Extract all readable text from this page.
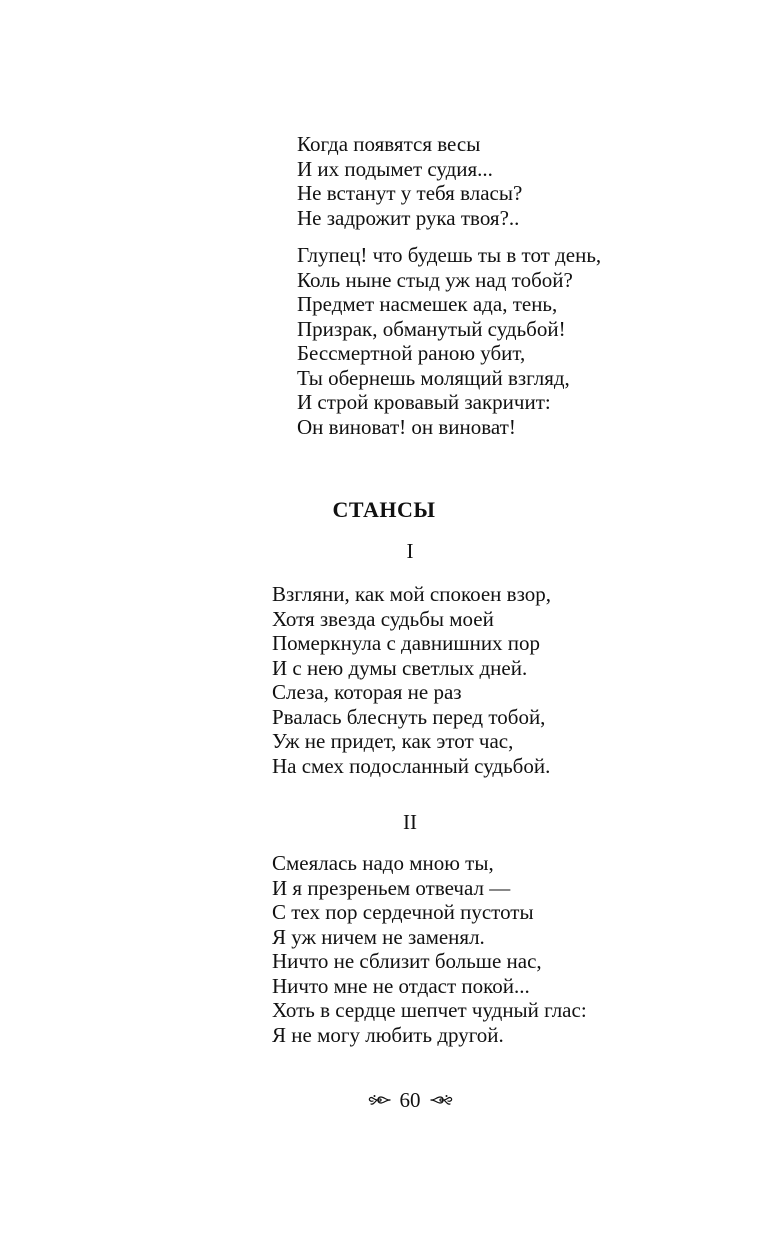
Когда появятся весы
И их подымет судия...
Не встанут у тебя власы?
Не задрожит рука твоя?..
Глупец! что будешь ты в тот день,
Коль ныне стыд уж над тобой?
Предмет насмешек ада, тень,
Призрак, обманутый судьбой!
Бессмертной раною убит,
Ты обернешь молящий взгляд,
И строй кровавый закричит:
Он виноват! он виноват!
СТАНСЫ
I
Взгляни, как мой спокоен взор,
Хотя звезда судьбы моей
Померкнула с давнишних пор
И с нею думы светлых дней.
Слеза, которая не раз
Рвалась блеснуть перед тобой,
Уж не придет, как этот час,
На смех подосланный судьбой.
II
Смеялась надо мною ты,
И я презреньем отвечал —
С тех пор сердечной пустоты
Я уж ничем не заменял.
Ничто не сблизит больше нас,
Ничто мне не отдаст покой...
Хоть в сердце шепчет чудный глас:
Я не могу любить другой.
60
